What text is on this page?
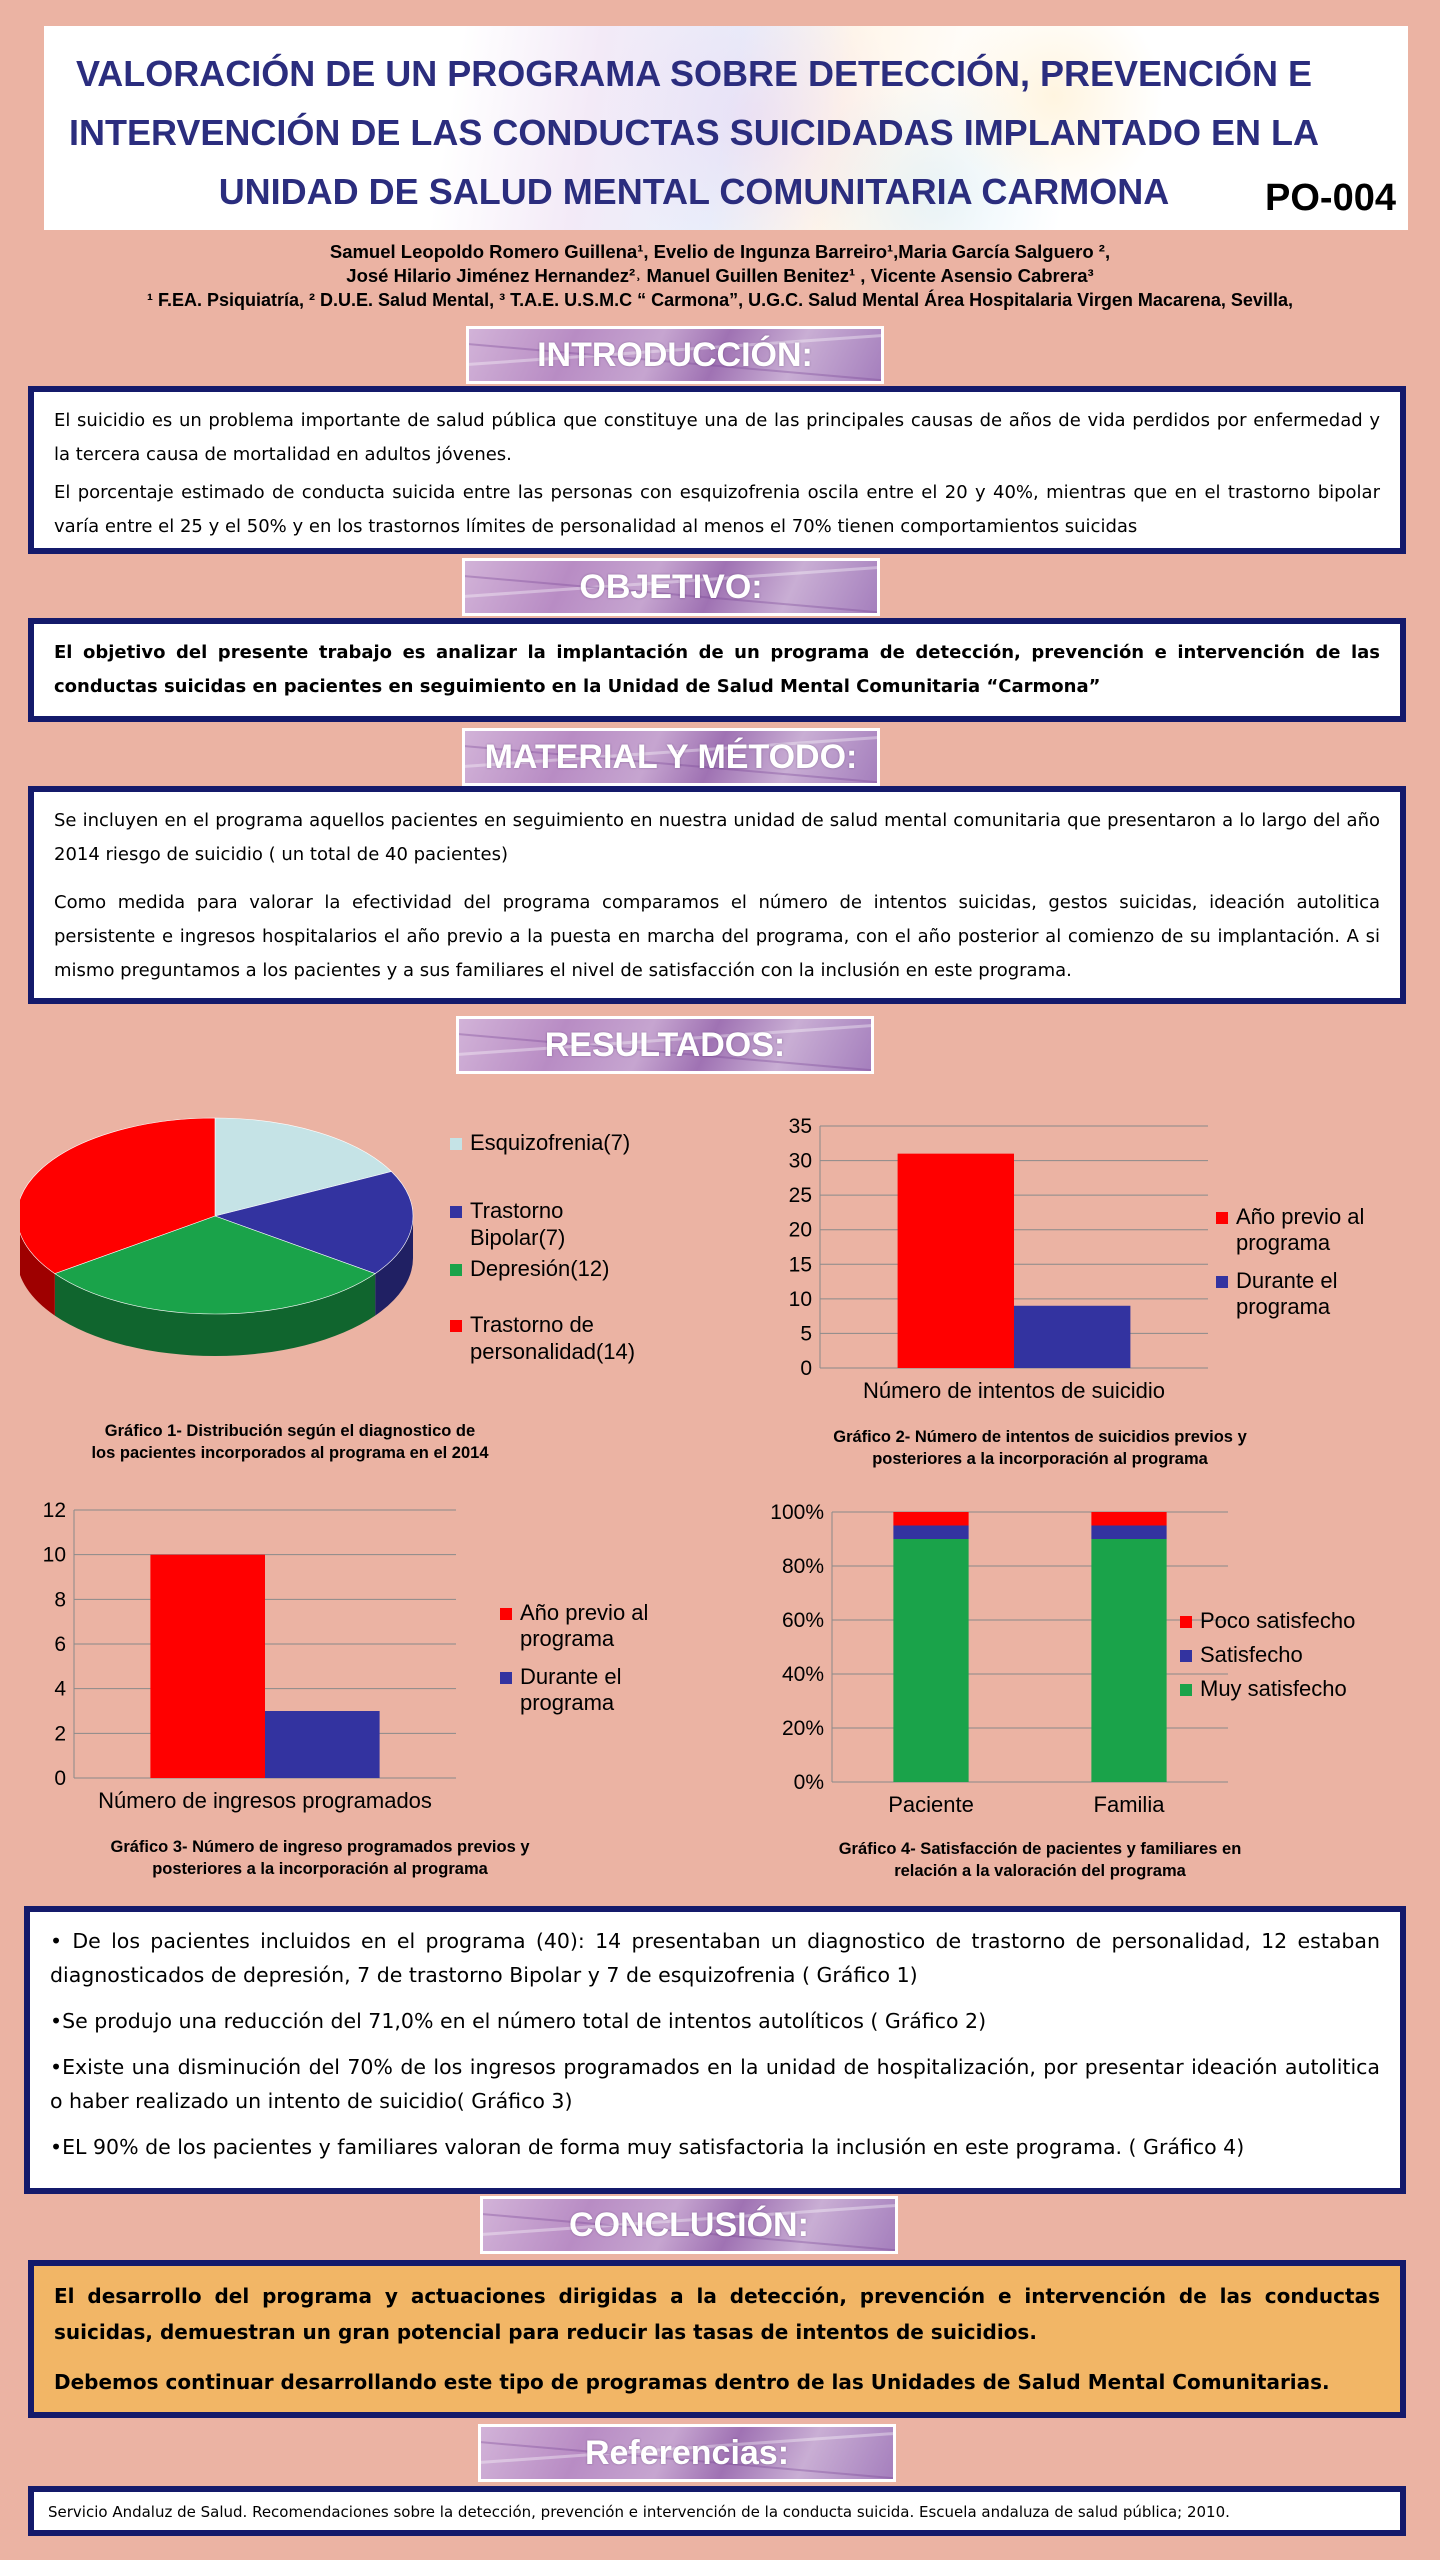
VALORACIÓN DE UN PROGRAMA SOBRE DETECCIÓN, PREVENCIÓN E
INTERVENCIÓN DE LAS CONDUCTAS SUICIDADAS IMPLANTADO EN LA
UNIDAD DE SALUD MENTAL COMUNITARIA CARMONA	PO-004
Samuel Leopoldo Romero Guillena¹, Evelio de Ingunza Barreiro¹,Maria García Salguero ²,
José Hilario Jiménez Hernandez²˒ Manuel Guillen Benitez¹ , Vicente Asensio Cabrera³
¹ F.EA. Psiquiatría, ² D.U.E. Salud Mental, ³ T.A.E. U.S.M.C “ Carmona”, U.G.C. Salud Mental Área Hospitalaria Virgen Macarena, Sevilla,
INTRODUCCIÓN:

El suicidio es un problema importante de salud pública que constituye una de las principales causas de años de vida perdidos por enfermedad y la tercera causa de mortalidad en adultos jóvenes.

El porcentaje estimado de conducta suicida entre las personas con esquizofrenia oscila entre el 20 y 40%, mientras que en el trastorno bipolar varía entre el 25 y el 50% y en los trastornos límites de personalidad al menos el 70% tienen comportamientos suicidas

OBJETIVO:

El objetivo del presente trabajo es analizar la implantación de un programa de detección, prevención e intervención de las conductas suicidas en pacientes en seguimiento en la Unidad de Salud Mental Comunitaria “Carmona”

MATERIAL Y MÉTODO:

Se incluyen en el programa aquellos pacientes en seguimiento en nuestra unidad de salud mental comunitaria que presentaron a lo largo del año 2014 riesgo de suicidio ( un total de 40 pacientes)

Como medida para valorar la efectividad del programa comparamos el número de intentos suicidas, gestos suicidas, ideación autolitica persistente e ingresos hospitalarios el año previo a la puesta en marcha del programa, con el año posterior al comienzo de su implantación. A si mismo preguntamos a los pacientes y a sus familiares el nivel de satisfacción con la inclusión en este programa.

RESULTADOS:
Esquizofrenia(7)
Trastorno
Bipolar(7)
Depresión(12)
Trastorno de
personalidad(14)
Gráfico 1- Distribución según el diagnostico de
los pacientes incorporados al programa en el 2014
0
5
10
15
20
25
30
35
Número de intentos de suicidio
Año previo al
programa
Durante el
programa
Gráfico 2- Número de intentos de suicidios previos y
posteriores a la incorporación al programa
0
2
4
6
8
10
12
Número de ingresos programados
Año previo al
programa
Durante el
programa
Gráfico 3- Número de ingreso programados previos y
posteriores a la incorporación al programa
0%
20%
40%
60%
80%
100%
Paciente	Familia
Poco satisfecho
Satisfecho
Muy satisfecho
Gráfico 4- Satisfacción de pacientes y familiares en
relación a la valoración del programa

• De los pacientes incluidos en el programa (40): 14 presentaban un diagnostico de trastorno de personalidad, 12 estaban diagnosticados de depresión, 7 de trastorno Bipolar y 7 de esquizofrenia ( Gráfico 1)

•Se produjo una reducción del 71,0% en el número total de intentos autolíticos ( Gráfico 2)

•Existe una disminución del 70% de los ingresos programados en la unidad de hospitalización, por presentar ideación autolitica o haber realizado un intento de suicidio( Gráfico 3)

•EL 90% de los pacientes y familiares valoran de forma muy satisfactoria la inclusión en este programa. ( Gráfico 4)

CONCLUSIÓN:

El desarrollo del programa y actuaciones dirigidas a la detección, prevención e intervención de las conductas suicidas, demuestran un gran potencial para reducir las tasas de intentos de suicidios.

Debemos continuar desarrollando este tipo de programas dentro de las Unidades de Salud Mental Comunitarias.

Referencias:

Servicio Andaluz de Salud. Recomendaciones sobre la detección, prevención e intervención de la conducta suicida. Escuela andaluza de salud pública; 2010.
